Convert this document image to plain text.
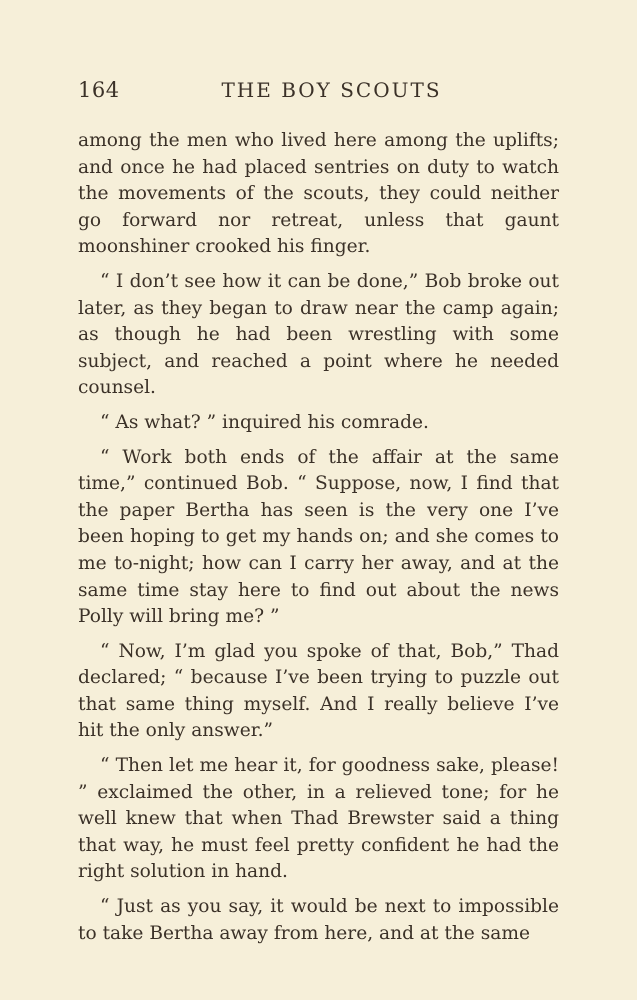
164	THE BOY SCOUTS

among the men who lived here among the uplifts; and once he had placed sentries on duty to watch the movements of the scouts, they could neither go forward nor retreat, unless that gaunt moonshiner crooked his finger.

“ I don’t see how it can be done,” Bob broke out later, as they began to draw near the camp again; as though he had been wrestling with some subject, and reached a point where he needed counsel.

“ As what? ” inquired his comrade.

“ Work both ends of the affair at the same time,” continued Bob. “ Suppose, now, I find that the paper Bertha has seen is the very one I’ve been hoping to get my hands on; and she comes to me to-night; how can I carry her away, and at the same time stay here to find out about the news Polly will bring me? ”

“ Now, I’m glad you spoke of that, Bob,” Thad declared; “ because I’ve been trying to puzzle out that same thing myself. And I really believe I’ve hit the only answer.”

“ Then let me hear it, for goodness sake, please! ” exclaimed the other, in a relieved tone; for he well knew that when Thad Brewster said a thing that way, he must feel pretty confident he had the right solution in hand.

“ Just as you say, it would be next to impossible to take Bertha away from here, and at the same
